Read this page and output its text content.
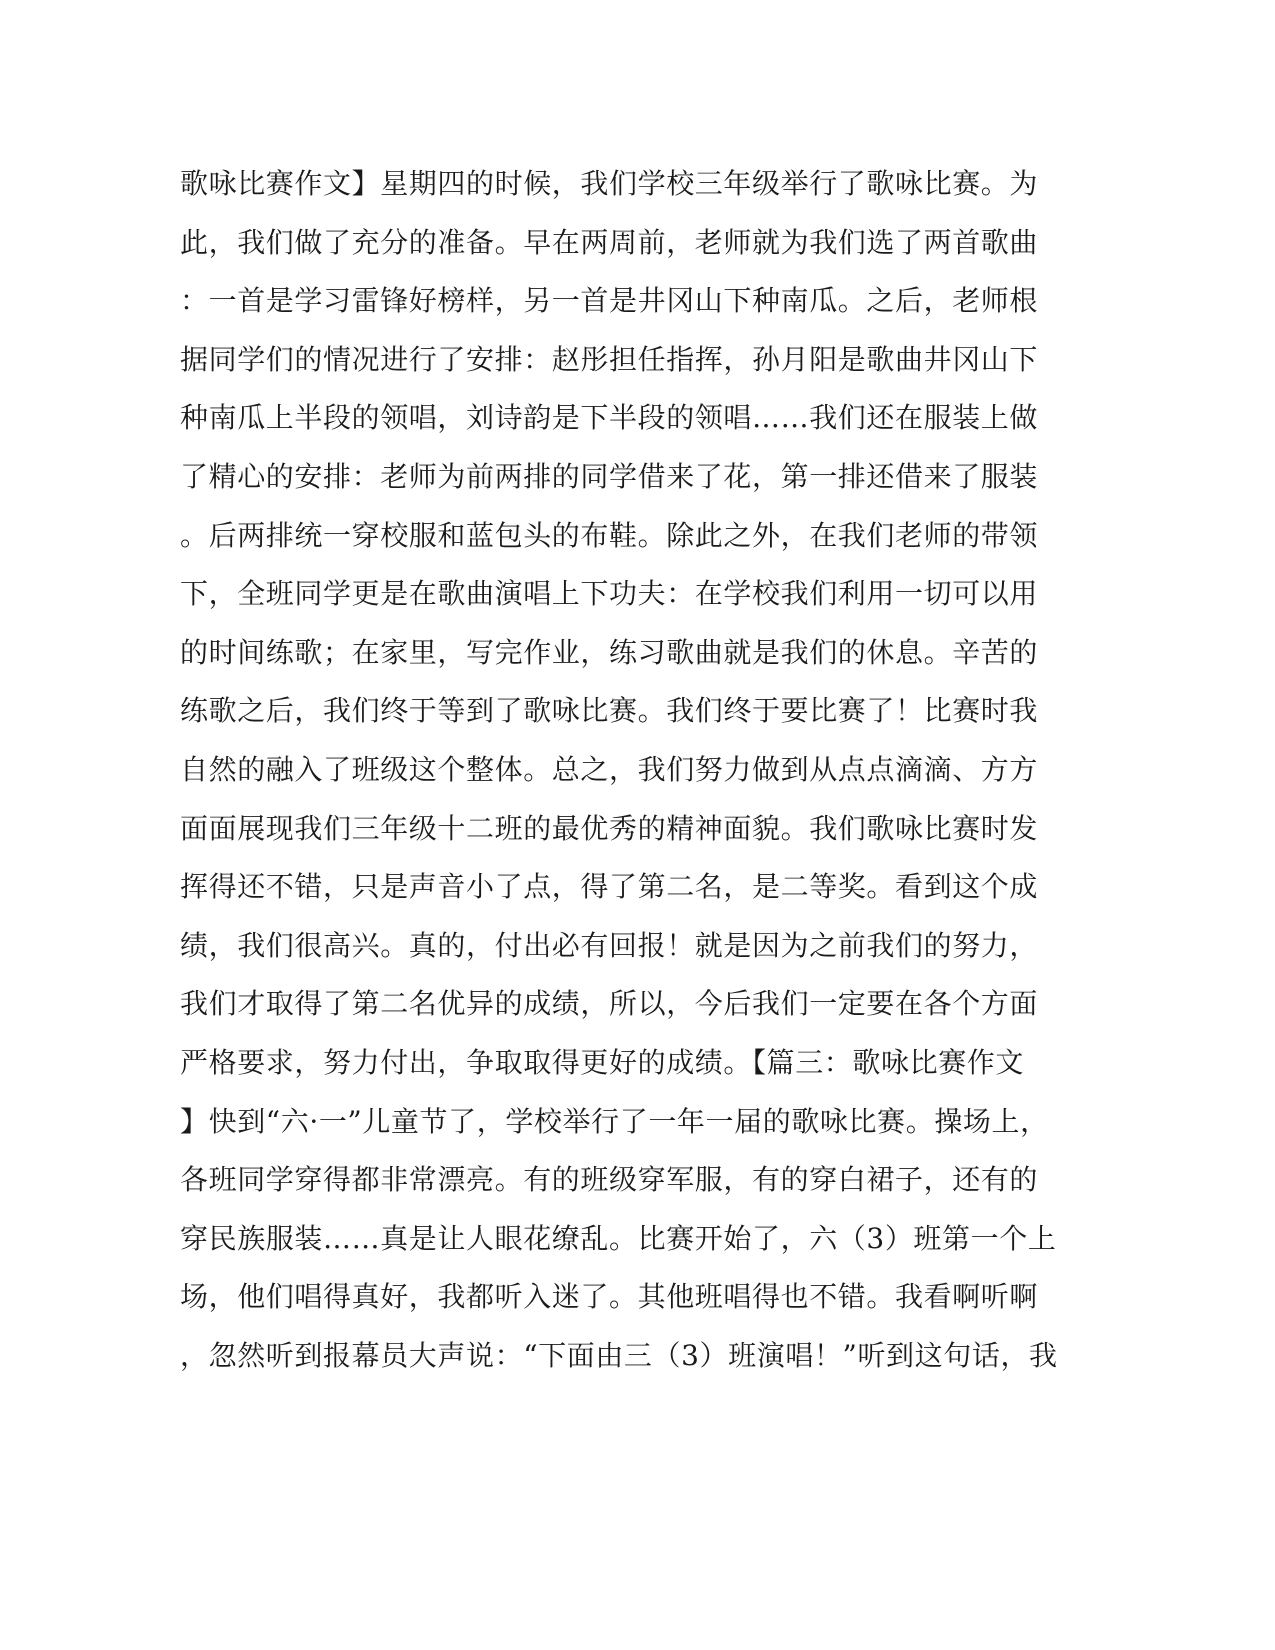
歌咏比赛作文】星期四的时候，我们学校三年级举行了歌咏比赛。为
此，我们做了充分的准备。早在两周前，老师就为我们选了两首歌曲
：一首是学习雷锋好榜样，另一首是井冈山下种南瓜。之后，老师根
据同学们的情况进行了安排：赵彤担任指挥，孙月阳是歌曲井冈山下
种南瓜上半段的领唱，刘诗韵是下半段的领唱……我们还在服装上做
了精心的安排：老师为前两排的同学借来了花，第一排还借来了服装
。后两排统一穿校服和蓝包头的布鞋。除此之外，在我们老师的带领
下，全班同学更是在歌曲演唱上下功夫：在学校我们利用一切可以用
的时间练歌；在家里，写完作业，练习歌曲就是我们的休息。辛苦的
练歌之后，我们终于等到了歌咏比赛。我们终于要比赛了！比赛时我
自然的融入了班级这个整体。总之，我们努力做到从点点滴滴、方方
面面展现我们三年级十二班的最优秀的精神面貌。我们歌咏比赛时发
挥得还不错，只是声音小了点，得了第二名，是二等奖。看到这个成
绩，我们很高兴。真的，付出必有回报！就是因为之前我们的努力，
我们才取得了第二名优异的成绩，所以，今后我们一定要在各个方面
严格要求，努力付出，争取取得更好的成绩。【篇三：歌咏比赛作文
】快到“六·一”儿童节了，学校举行了一年一届的歌咏比赛。操场上，
各班同学穿得都非常漂亮。有的班级穿军服，有的穿白裙子，还有的
穿民族服装……真是让人眼花缭乱。比赛开始了，六（3）班第一个上
场，他们唱得真好，我都听入迷了。其他班唱得也不错。我看啊听啊
，忽然听到报幕员大声说：“下面由三（3）班演唱！”听到这句话，我
